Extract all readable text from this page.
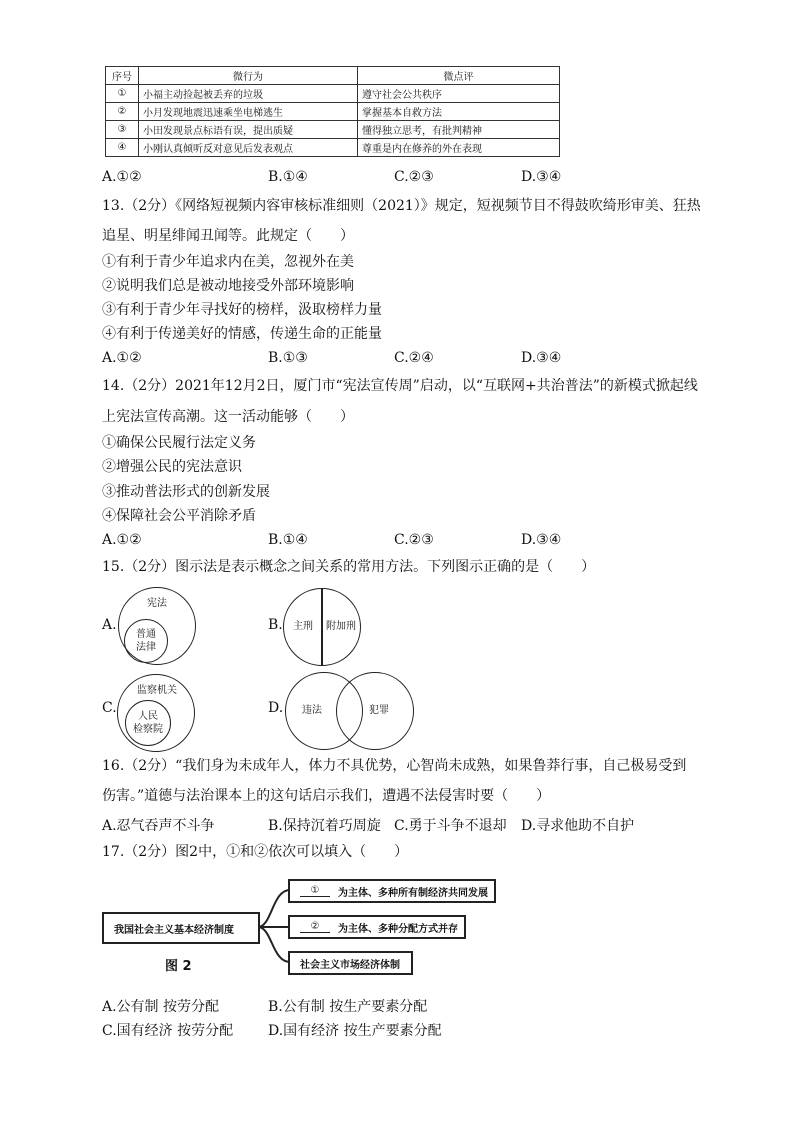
序号	微行为	微点评
①	小福主动捡起被丢弃的垃圾	遵守社会公共秩序
②	小月发现地震迅速乘坐电梯逃生	掌握基本自救方法
③	小田发现景点标语有误，提出质疑	懂得独立思考，有批判精神
④	小刚认真倾听反对意见后发表观点	尊重是内在修养的外在表现
A.①②	B.①④	C.②③	D.③④
13.（2分）《网络短视频内容审核标准细则（2021）》规定，短视频节目不得鼓吹绮形审美、狂热
追星、明星绯闻丑闻等。此规定（　　）
①有利于青少年追求内在美，忽视外在美
②说明我们总是被动地接受外部环境影响
③有利于青少年寻找好的榜样，汲取榜样力量
④有利于传递美好的情感，传递生命的正能量
A.①②	B.①③	C.②④	D.③④
14.（2分）2021年12月2日，厦门市“宪法宣传周”启动，以“互联网+共治普法”的新模式掀起线
上宪法宣传高潮。这一活动能够（　　）
①确保公民履行法定义务
②增强公民的宪法意识
③推动普法形式的创新发展
④保障社会公平消除矛盾
A.①②	B.①④	C.②③	D.③④
15.（2分）图示法是表示概念之间关系的常用方法。下列图示正确的是（　　）
A.
宪法
普通
法律
B.	主刑	附加刑
C.
监察机关
人民
检察院
D.	违法	犯罪
16.（2分）“我们身为未成年人，体力不具优势，心智尚未成熟，如果鲁莽行事，自己极易受到
伤害。”道德与法治课本上的这句话启示我们，遭遇不法侵害时要（　　）
A.忍气吞声不斗争	B.保持沉着巧周旋 C.勇于斗争不退却 D.寻求他助不自护
17.（2分）图2中，①和②依次可以填入（　　）
我国社会主义基本经济制度
①	为主体、多种所有制经济共同发展
②	为主体、多种分配方式并存
社会主义市场经济体制
图 2
A.公有制 按劳分配	B.公有制 按生产要素分配
C.国有经济 按劳分配 D.国有经济 按生产要素分配
